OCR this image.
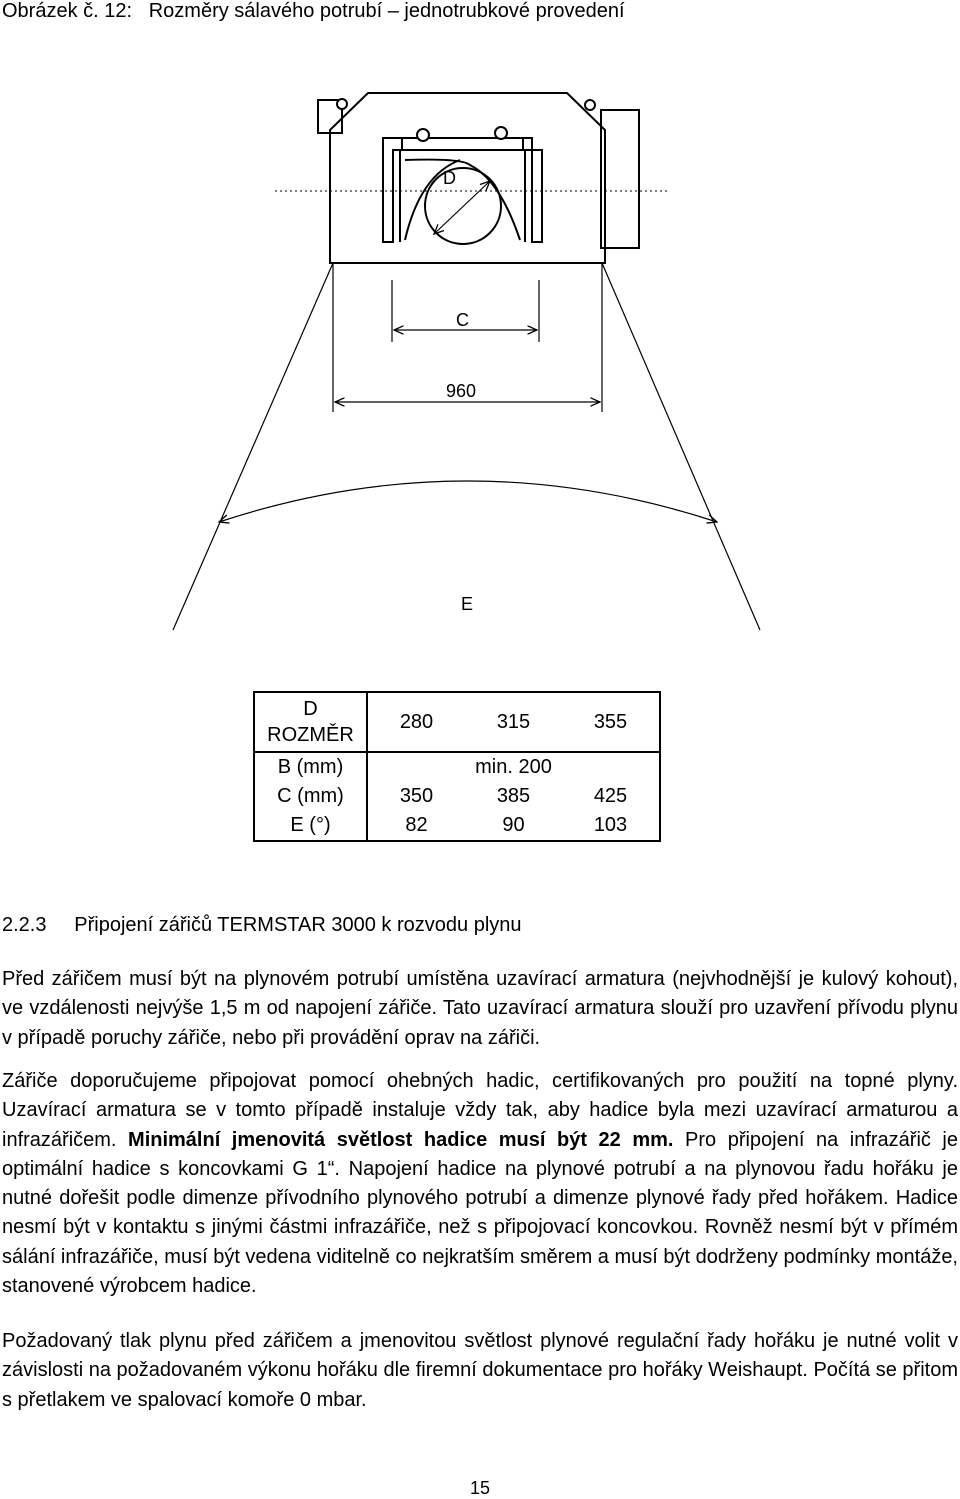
Obrázek č. 12:   Rozměry sálavého potrubí – jednotrubkové provedení
D
C
960
E
D
ROZMĚR	280	315	355
B (mm)	min. 200		
C (mm)	350	385	425
E (°)	82	90	103
2.2.3     Připojení zářičů TERMSTAR 3000 k rozvodu plynu

Před zářičem musí být na plynovém potrubí umístěna uzavírací armatura (nejvhodnější je kulový kohout), ve vzdálenosti nejvýše 1,5 m od napojení zářiče. Tato uzavírací armatura slouží pro uzavření přívodu plynu v případě poruchy zářiče, nebo při provádění oprav na zářiči.

Zářiče doporučujeme připojovat pomocí ohebných hadic, certifikovaných pro použití na topné plyny. Uzavírací armatura se v tomto případě instaluje vždy tak, aby hadice byla mezi uzavírací armaturou a infrazářičem. Minimální jmenovitá světlost hadice musí být 22 mm. Pro připojení na infrazářič je optimální hadice s koncovkami G 1“. Napojení hadice na plynové potrubí a na plynovou řadu hořáku je nutné dořešit podle dimenze přívodního plynového potrubí a dimenze plynové řady před hořákem. Hadice nesmí být v kontaktu s jinými částmi infrazářiče, než s připojovací koncovkou. Rovněž nesmí být v přímém sálání infrazářiče, musí být vedena viditelně co nejkratším směrem a musí být dodrženy podmínky montáže, stanovené výrobcem hadice.

Požadovaný tlak plynu před zářičem a jmenovitou světlost plynové regulační řady hořáku je nutné volit v závislosti na požadovaném výkonu hořáku dle firemní dokumentace pro hořáky Weishaupt. Počítá se přitom s přetlakem ve spalovací komoře 0 mbar.

15
